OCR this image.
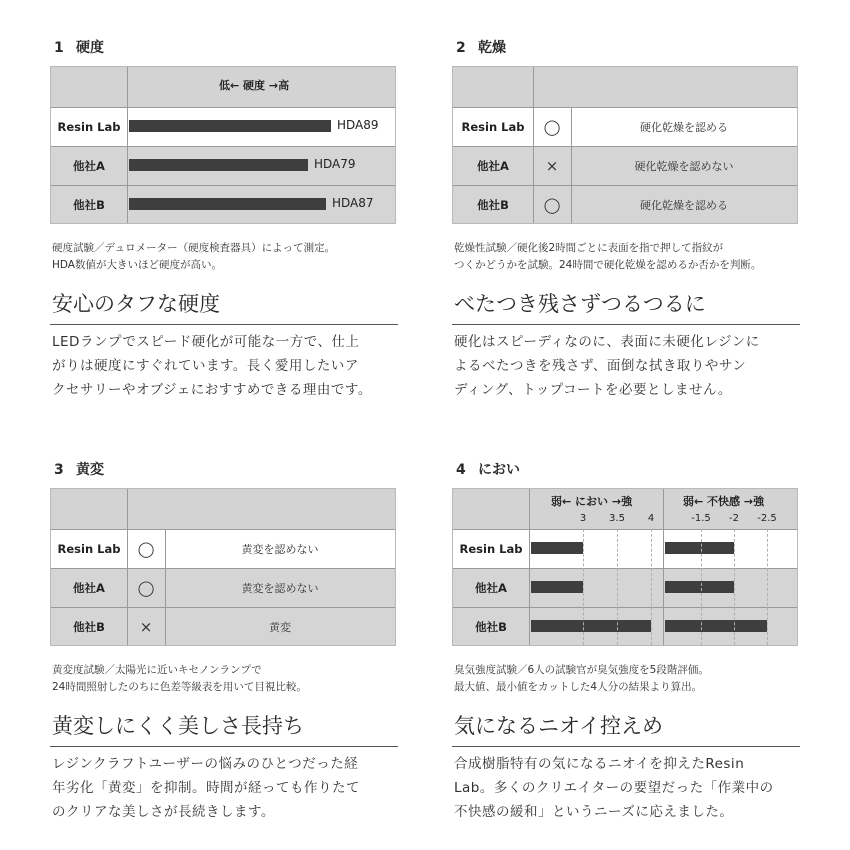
1 硬度
低← 硬度 →高
Resin Lab	HDA89
他社A	HDA79
他社B	HDA87
硬度試験／デュロメーター（硬度検査器具）によって測定。
HDA数値が大きいほど硬度が高い。
安心のタフな硬度
LEDランプでスピード硬化が可能な一方で、仕上
がりは硬度にすぐれています。長く愛用したいア
クセサリーやオブジェにおすすめできる理由です。
2 乾燥
Resin Lab	◯	硬化乾燥を認める
他社A	×	硬化乾燥を認めない
他社B	◯	硬化乾燥を認める
乾燥性試験／硬化後2時間ごとに表面を指で押して指紋が
つくかどうかを試験。24時間で硬化乾燥を認めるか否かを判断。
べたつき残さずつるつるに
硬化はスピーディなのに、表面に未硬化レジンに
よるべたつきを残さず、面倒な拭き取りやサン
ディング、トップコートを必要としません。
3 黄変
Resin Lab	◯	黄変を認めない
他社A	◯	黄変を認めない
他社B	×	黄変
黄変度試験／太陽光に近いキセノンランプで
24時間照射したのちに色差等級表を用いて目視比較。
黄変しにくく美しさ長持ち
レジンクラフトユーザーの悩みのひとつだった経
年劣化「黄変」を抑制。時間が経っても作りたて
のクリアな美しさが長続きします。
4 におい
弱← におい →強	弱← 不快感 →強
3 3.5 4	-1.5 -2 -2.5
Resin Lab
他社A
他社B
臭気強度試験／6人の試験官が臭気強度を5段階評価。
最大値、最小値をカットした4人分の結果より算出。
気になるニオイ控えめ
合成樹脂特有の気になるニオイを抑えたResin
Lab。多くのクリエイターの要望だった「作業中の
不快感の緩和」というニーズに応えました。
